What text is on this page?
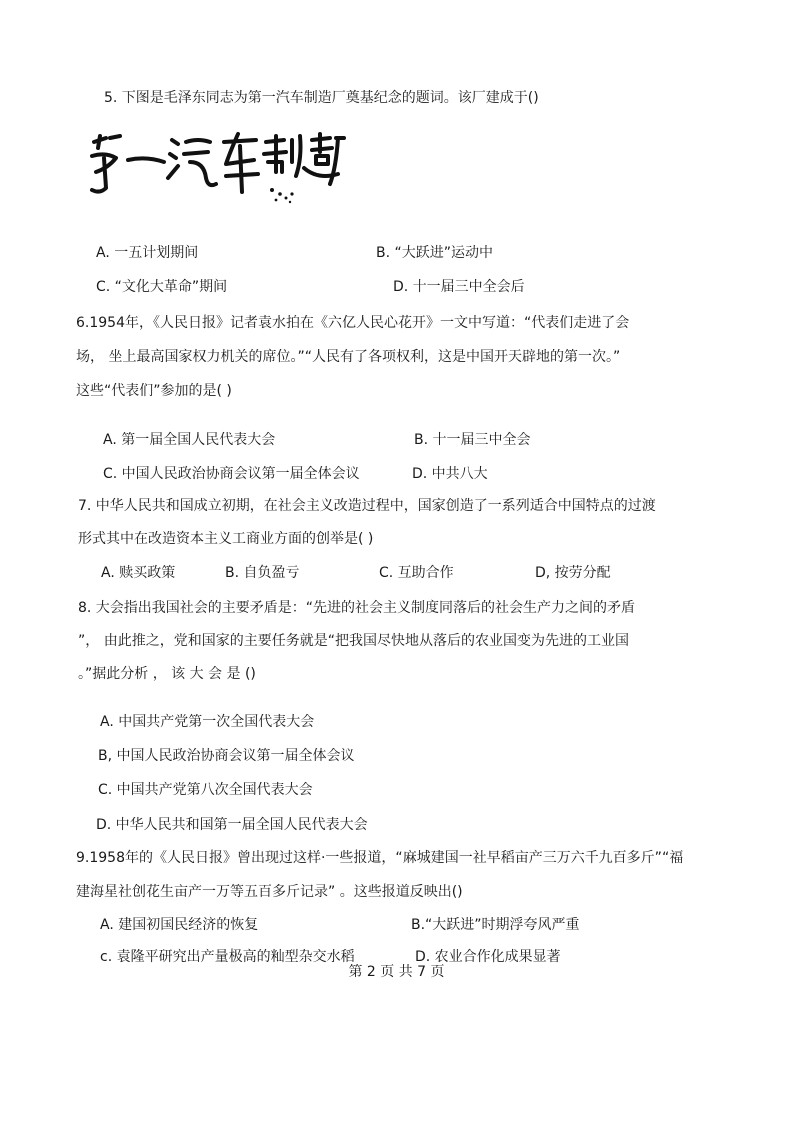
5. 下图是毛泽东同志为第一汽车制造厂奠基纪念的题词。该厂建成于()
A. 一五计划期间	B. “大跃进”运动中
C. “文化大革命”期间	D. 十一届三中全会后
6.1954年，《人民日报》记者袁水拍在《六亿人民心花开》一文中写道：“代表们走进了会
场， 坐上最高国家权力机关的席位。”“人民有了各项权利，这是中国开天辟地的第一次。”
这些“代表们”参加的是( )
A. 第一届全国人民代表大会	B. 十一届三中全会
C. 中国人民政治协商会议第一届全体会议	D. 中共八大
7. 中华人民共和国成立初期，在社会主义改造过程中，国家创造了一系列适合中国特点的过渡
形式其中在改造资本主义工商业方面的创举是( )
A. 赎买政策	B. 自负盈亏	C. 互助合作	D, 按劳分配
8. 大会指出我国社会的主要矛盾是：“先进的社会主义制度同落后的社会生产力之间的矛盾
”， 由此推之，党和国家的主要任务就是“把我国尽快地从落后的农业国变为先进的工业国
。”据此分析 ， 该 大 会 是 ()
A. 中国共产党第一次全国代表大会
B, 中国人民政治协商会议第一届全体会议
C. 中国共产党第八次全国代表大会
D. 中华人民共和国第一届全国人民代表大会
9.1958年的《人民日报》曾出现过这样·一些报道，“麻城建国一社早稻亩产三万六千九百多斤”“福
建海星社创花生亩产一万等五百多斤记录” 。这些报道反映出()
A. 建国初国民经济的恢复	B.“大跃进”时期浮夸风严重
c. 袁隆平研究出产量极高的籼型杂交水稻	D. 农业合作化成果显著
第 2 页 共 7 页
